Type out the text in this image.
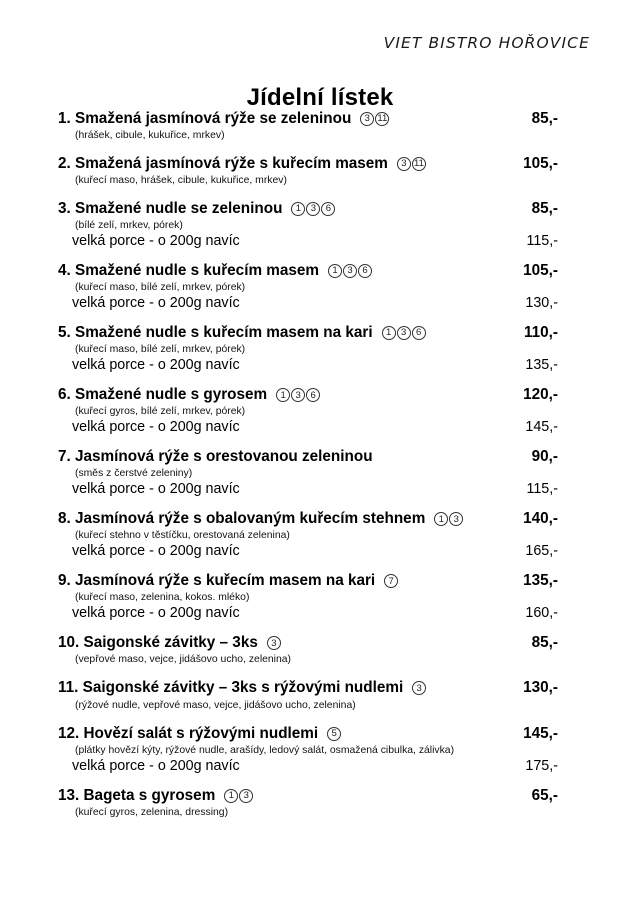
VIET BISTRO HOŘOVICE
Jídelní lístek
1. Smažená jasmínová rýže se zeleninou	3 11	85,-
(hrášek, cibule, kukuřice, mrkev)
2. Smažená jasmínová rýže s kuřecím masem	3 11	105,-
(kuřecí maso, hrášek, cibule, kukuřice, mrkev)
3. Smažené nudle se zeleninou	1	3	6	85,-
(bílé zelí, mrkev, pórek)
velká porce - o 200g navíc	115,-
4. Smažené nudle s kuřecím masem	1	3	6	105,-
(kuřecí maso, bílé zelí, mrkev, pórek)
velká porce - o 200g navíc	130,-
5. Smažené nudle s kuřecím masem na kari	1	3	6	110,-
(kuřecí maso, bílé zelí, mrkev, pórek)
velká porce - o 200g navíc	135,-
6. Smažené nudle s gyrosem	1	3	6	120,-
(kuřecí gyros, bílé zelí, mrkev, pórek)
velká porce - o 200g navíc	145,-
7. Jasmínová rýže s orestovanou zeleninou	90,-
(směs z čerstvé zeleniny)
velká porce - o 200g navíc	115,-
8. Jasmínová rýže s obalovaným kuřecím stehnem	1	3	140,-
(kuřecí stehno v těstíčku, orestovaná zelenina)
velká porce - o 200g navíc	165,-
9. Jasmínová rýže s kuřecím masem na kari	7	135,-
(kuřecí maso, zelenina, kokos. mléko)
velká porce - o 200g navíc	160,-
10. Saigonské závitky – 3ks	3	85,-
(vepřové maso, vejce, jidášovo ucho, zelenina)
11. Saigonské závitky – 3ks s rýžovými nudlemi	3	130,-
(rýžové nudle, vepřové maso, vejce, jidášovo ucho, zelenina)
12. Hovězí salát s rýžovými nudlemi	5	145,-
(plátky hovězí kýty, rýžové nudle, arašídy, ledový salát, osmažená cibulka, zálivka)
velká porce - o 200g navíc	175,-
13. Bageta s gyrosem	1	3	65,-
(kuřecí gyros, zelenina, dressing)
